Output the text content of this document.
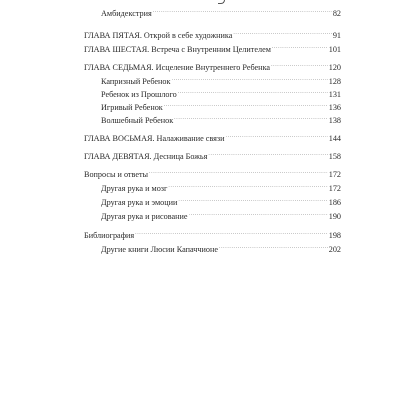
Амбидекстрия .....	82
ГЛАВА ПЯТАЯ. Открой в себе художника .....	91
ГЛАВА ШЕСТАЯ. Встреча с Внутренним Целителем .....	101
ГЛАВА СЕДЬМАЯ. Исцеление Внутреннего Ребенка .....	120
Капризный Ребенок .....	128
Ребенок из Прошлого .....	131
Игривый Ребенок .....	136
Волшебный Ребенок .....	138
ГЛАВА ВОСЬМАЯ. Налаживание связи .....	144
ГЛАВА ДЕВЯТАЯ. Десница Божья .....	158
Вопросы и ответы .....	172
Другая рука и мозг .....	172
Другая рука и эмоции .....	186
Другая рука и рисование .....	190
Библиография .....	198
Другие книги Люсии Капаччионе .....	202
